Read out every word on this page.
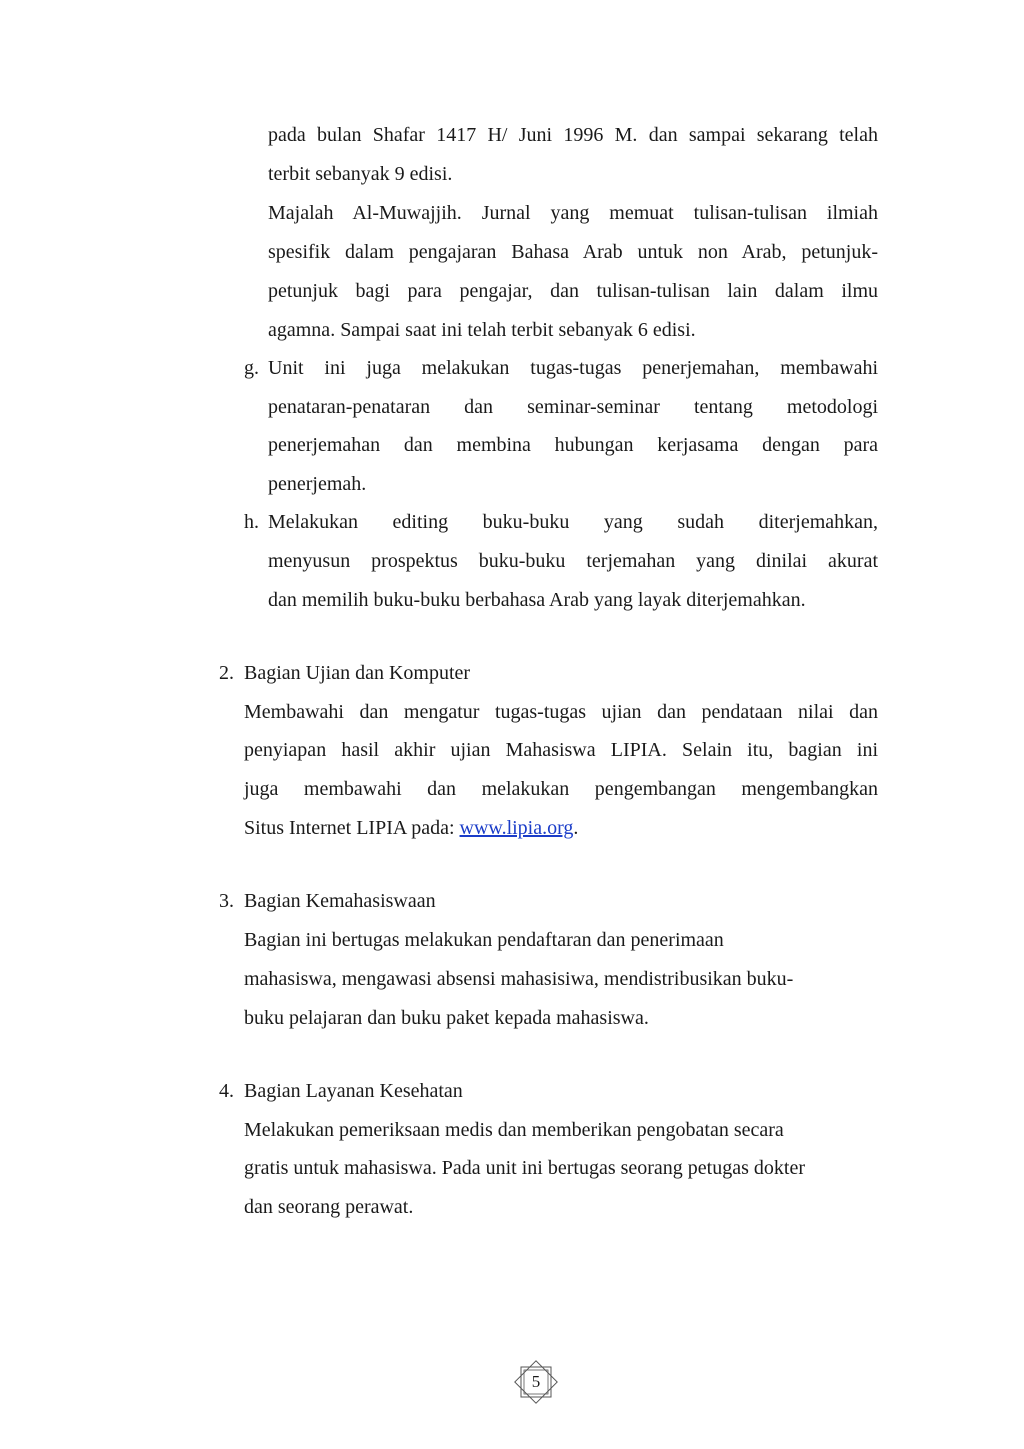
pada bulan Shafar 1417 H/ Juni 1996 M. dan sampai sekarang telah
terbit sebanyak 9 edisi.
Majalah Al-Muwajjih. Jurnal yang memuat tulisan-tulisan ilmiah
spesifik dalam pengajaran Bahasa Arab untuk non Arab, petunjuk-
petunjuk bagi para pengajar, dan tulisan-tulisan lain dalam ilmu
agamna. Sampai saat ini telah terbit sebanyak 6 edisi.
g. Unit ini juga melakukan tugas-tugas penerjemahan, membawahi
penataran-penataran dan seminar-seminar tentang metodologi
penerjemahan dan membina hubungan kerjasama dengan para
penerjemah.
h. Melakukan editing buku-buku yang sudah diterjemahkan,
menyusun prospektus buku-buku terjemahan yang dinilai akurat
dan memilih buku-buku berbahasa Arab yang layak diterjemahkan.
2. Bagian Ujian dan Komputer
Membawahi dan mengatur tugas-tugas ujian dan pendataan nilai dan
penyiapan hasil akhir ujian Mahasiswa LIPIA. Selain itu, bagian ini
juga membawahi dan melakukan pengembangan mengembangkan
Situs Internet LIPIA pada: www.lipia.org.
3. Bagian Kemahasiswaan
Bagian ini bertugas melakukan pendaftaran dan penerimaan
mahasiswa, mengawasi absensi mahasisiwa, mendistribusikan buku-
buku pelajaran dan buku paket kepada mahasiswa.
4. Bagian Layanan Kesehatan
Melakukan pemeriksaan medis dan memberikan pengobatan secara
gratis untuk mahasiswa. Pada unit ini bertugas seorang petugas dokter
dan seorang perawat.
5
